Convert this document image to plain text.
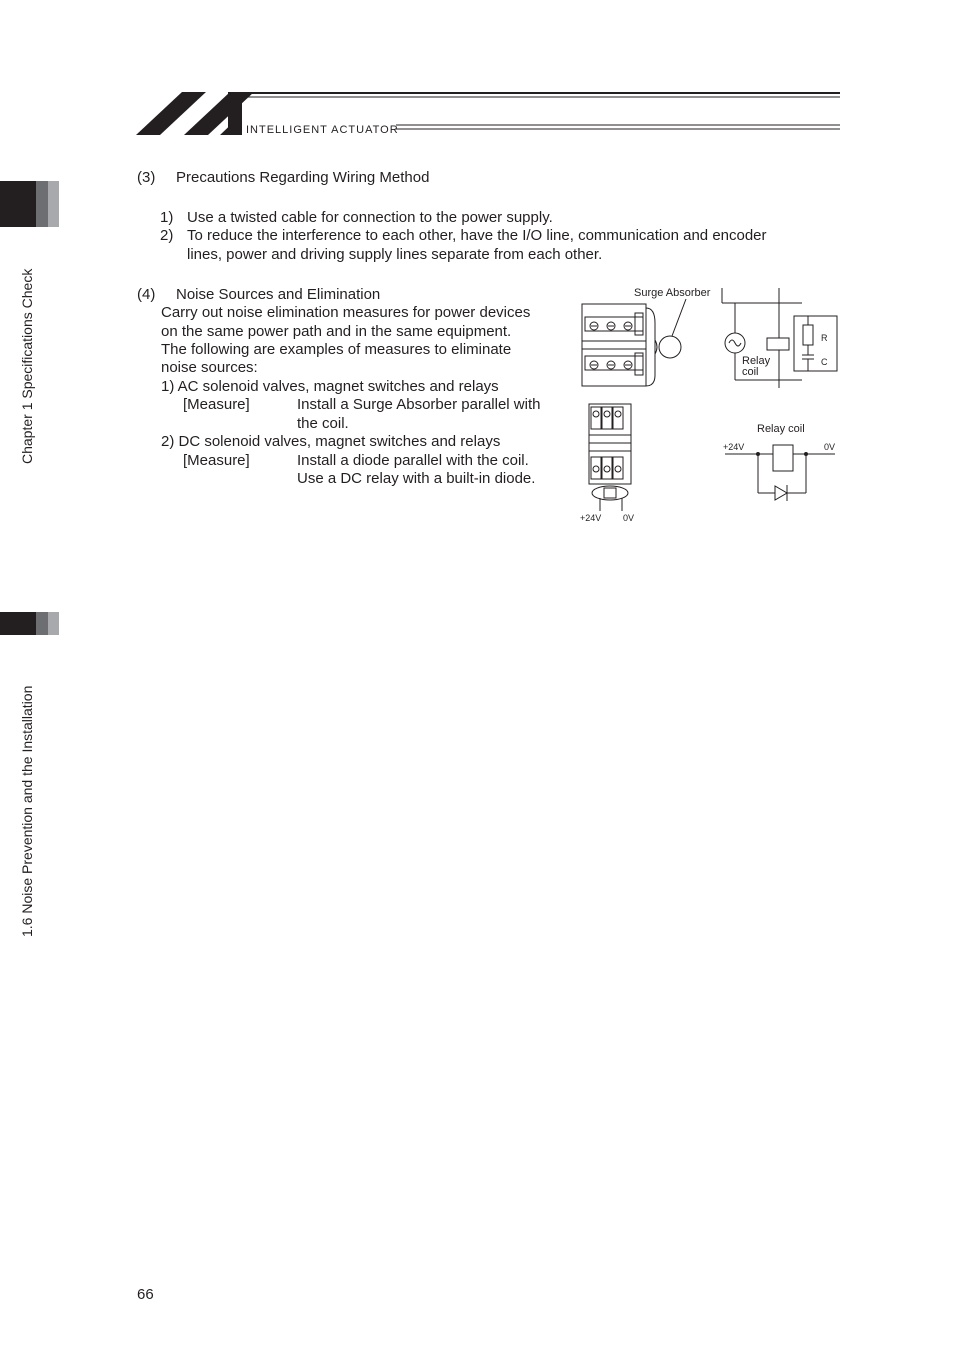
INTELLIGENT ACTUATOR
Chapter 1 Specifications Check
1.6 Noise Prevention and the Installation
(3) Precautions Regarding Wiring Method
1) Use a twisted cable for connection to the power supply.
2) To reduce the interference to each other, have the I/O line, communication and encoder
lines, power and driving supply lines separate from each other.
(4) Noise Sources and Elimination
Carry out noise elimination measures for power devices
on the same power path and in the same equipment.
The following are examples of measures to eliminate
noise sources:
1) AC solenoid valves, magnet switches and relays
[Measure]	Install a Surge Absorber parallel with
the coil.
2) DC solenoid valves, magnet switches and relays
[Measure]	Install a diode parallel with the coil.
Use a DC relay with a built-in diode.
Surge Absorber
Relay
coil
R
C
Relay coil
+24V	0V
+24V 0V
66
